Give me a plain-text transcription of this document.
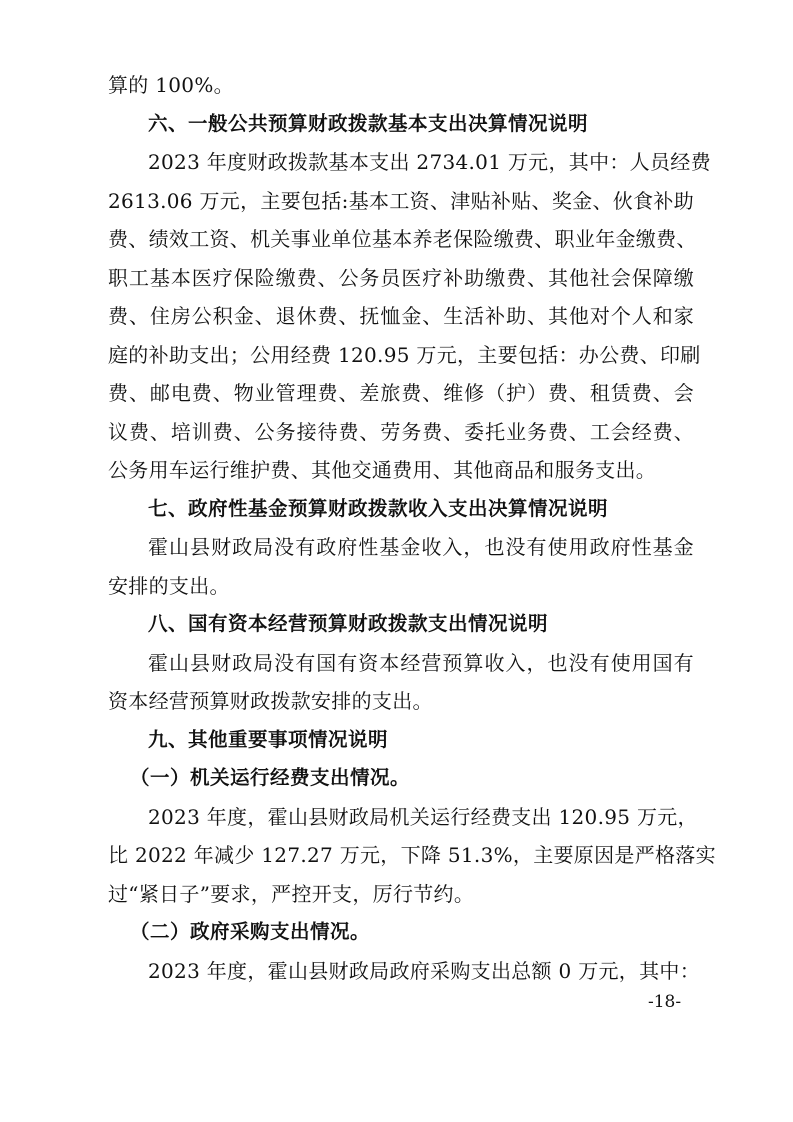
算的 100%。
六、一般公共预算财政拨款基本支出决算情况说明
2023 年度财政拨款基本支出 2734.01 万元，其中：人员经费
2613.06 万元，主要包括:基本工资、津贴补贴、奖金、伙食补助
费、绩效工资、机关事业单位基本养老保险缴费、职业年金缴费、
职工基本医疗保险缴费、公务员医疗补助缴费、其他社会保障缴
费、住房公积金、退休费、抚恤金、生活补助、其他对个人和家
庭的补助支出；公用经费 120.95 万元，主要包括：办公费、印刷
费、邮电费、物业管理费、差旅费、维修（护）费、租赁费、会
议费、培训费、公务接待费、劳务费、委托业务费、工会经费、
公务用车运行维护费、其他交通费用、其他商品和服务支出。
七、政府性基金预算财政拨款收入支出决算情况说明
霍山县财政局没有政府性基金收入，也没有使用政府性基金
安排的支出。
八、国有资本经营预算财政拨款支出情况说明
霍山县财政局没有国有资本经营预算收入，也没有使用国有
资本经营预算财政拨款安排的支出。
九、其他重要事项情况说明
（一）机关运行经费支出情况。
2023 年度，霍山县财政局机关运行经费支出 120.95 万元，
比 2022 年减少 127.27 万元，下降 51.3%，主要原因是严格落实
过“紧日子”要求，严控开支，厉行节约。
（二）政府采购支出情况。
2023 年度，霍山县财政局政府采购支出总额 0 万元，其中：
-18-
